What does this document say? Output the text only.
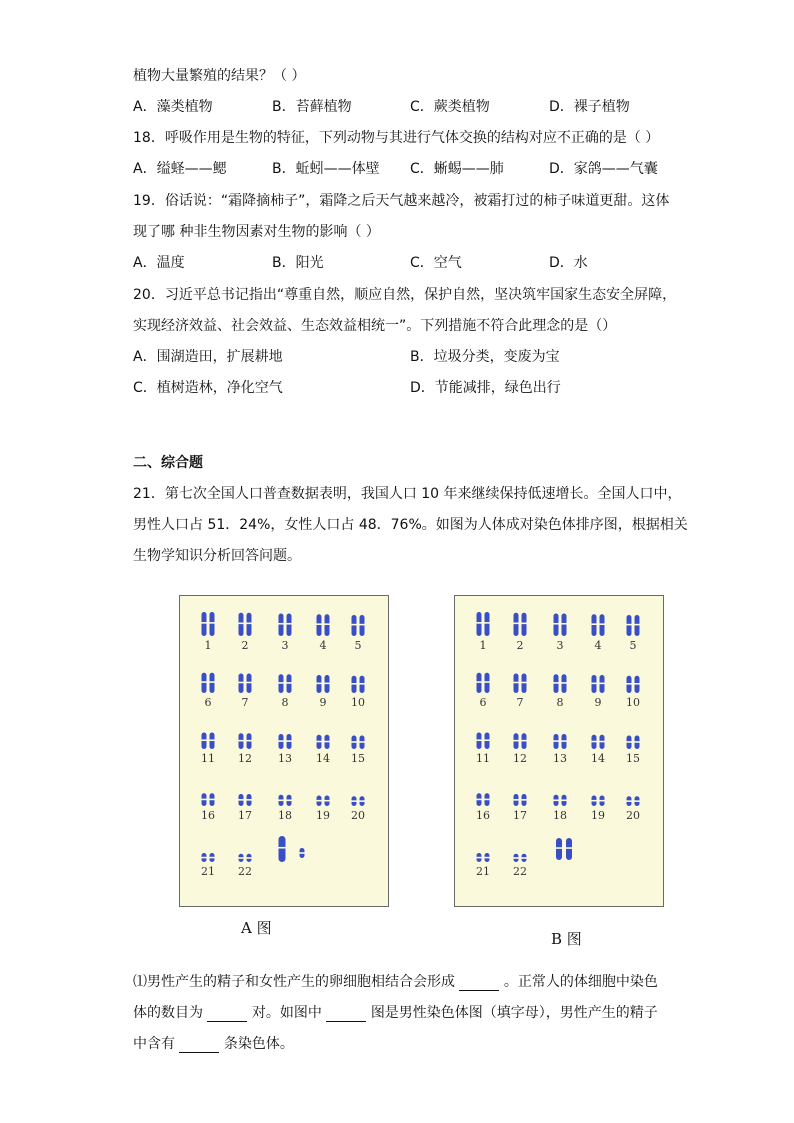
植物大量繁殖的结果？（ ）
A．藻类植物	B．苔藓植物	C．蕨类植物	D．裸子植物
18．呼吸作用是生物的特征，下列动物与其进行气体交换的结构对应不正确的是（ ）
A．缢蛏——鳃	B．蚯蚓——体壁 C．蜥蜴——肺	D．家鸽——气囊
19．俗话说：“霜降摘柿子”，霜降之后天气越来越冷，被霜打过的柿子味道更甜。这体
现了哪 种非生物因素对生物的影响（ ）
A．温度	B．阳光	C．空气	D．水
20．习近平总书记指出“尊重自然，顺应自然，保护自然，坚决筑牢国家生态安全屏障，
实现经济效益、社会效益、生态效益相统一”。下列措施不符合此理念的是（）
A．围湖造田，扩展耕地	B．垃圾分类，变废为宝
C．植树造林，净化空气	D．节能减排，绿色出行
二、综合题
21．第七次全国人口普查数据表明，我国人口 10 年来继续保持低速增长。全国人口中，
男性人口占 51．24%，女性人口占 48．76%。如图为人体成对染色体排序图，根据相关
生物学知识分析回答问题。
1	2	3	4	5
6	7	8	9 10
11 12 13 14 15
16 17 18 19 20
21 22
A 图
1	2	3	4	5
6	7	8	9 10
11 12 13 14 15
16 17 18 19 20
21 22
B 图
⑴男性产生的精子和女性产生的卵细胞相结合会形成	。正常人的体细胞中染色
体的数目为	对。如图中	图是男性染色体图（填字母），男性产生的精子
中含有	条染色体。
